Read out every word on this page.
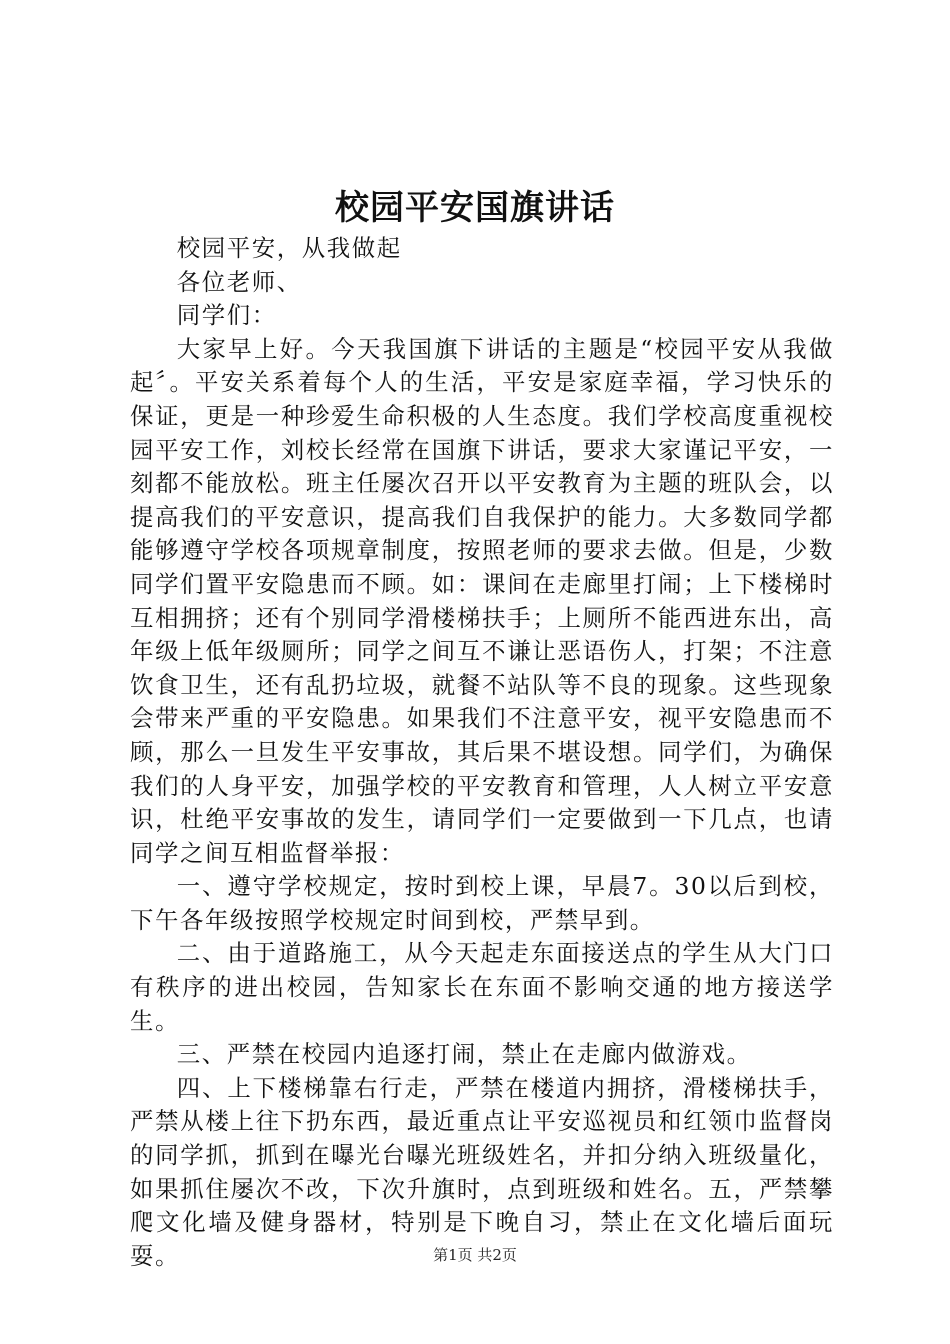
校园平安国旗讲话

校园平安，从我做起

各位老师、

同学们：

大家早上好。今天我国旗下讲话的主题是“校园平安从我做起〞。平安关系着每个人的生活，平安是家庭幸福，学习快乐的保证，更是一种珍爱生命积极的人生态度。我们学校高度重视校园平安工作，刘校长经常在国旗下讲话，要求大家谨记平安，一刻都不能放松。班主任屡次召开以平安教育为主题的班队会，以提高我们的平安意识，提高我们自我保护的能力。大多数同学都能够遵守学校各项规章制度，按照老师的要求去做。但是，少数同学们置平安隐患而不顾。如：课间在走廊里打闹；上下楼梯时互相拥挤；还有个别同学滑楼梯扶手；上厕所不能西进东出，高年级上低年级厕所；同学之间互不谦让恶语伤人，打架；不注意饮食卫生，还有乱扔垃圾，就餐不站队等不良的现象。这些现象会带来严重的平安隐患。如果我们不注意平安，视平安隐患而不顾，那么一旦发生平安事故，其后果不堪设想。同学们，为确保我们的人身平安，加强学校的平安教育和管理，人人树立平安意识，杜绝平安事故的发生，请同学们一定要做到一下几点，也请同学之间互相监督举报：

一、遵守学校规定，按时到校上课，早晨7。30以后到校，下午各年级按照学校规定时间到校，严禁早到。

二、由于道路施工，从今天起走东面接送点的学生从大门口有秩序的进出校园，告知家长在东面不影响交通的地方接送学生。

三、严禁在校园内追逐打闹，禁止在走廊内做游戏。

四、上下楼梯靠右行走，严禁在楼道内拥挤，滑楼梯扶手，严禁从楼上往下扔东西，最近重点让平安巡视员和红领巾监督岗的同学抓，抓到在曝光台曝光班级姓名，并扣分纳入班级量化，如果抓住屡次不改，下次升旗时，点到班级和姓名。五，严禁攀爬文化墙及健身器材，特别是下晚自习，禁止在文化墙后面玩耍。	第1页 共2页
